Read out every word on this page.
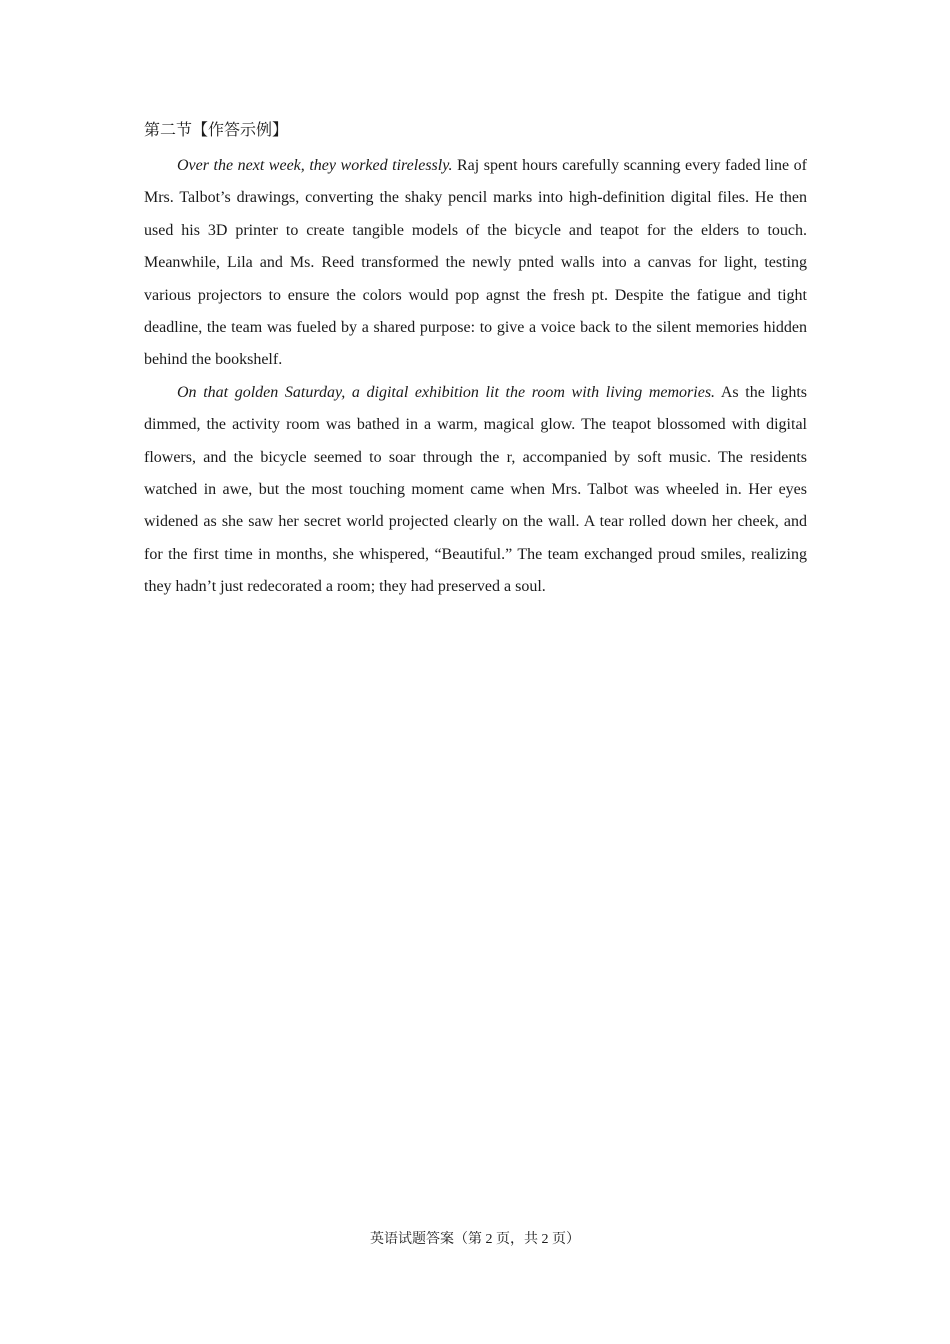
第二节【作答示例】

Over the next week, they worked tirelessly. Raj spent hours carefully scanning every faded line of Mrs. Talbot’s drawings, converting the shaky pencil marks into high-definition digital files. He then used his 3D printer to create tangible models of the bicycle and teapot for the elders to touch. Meanwhile, Lila and Ms. Reed transformed the newly pnted walls into a canvas for light, testing various projectors to ensure the colors would pop agnst the fresh pt. Despite the fatigue and tight deadline, the team was fueled by a shared purpose: to give a voice back to the silent memories hidden behind the bookshelf.

On that golden Saturday, a digital exhibition lit the room with living memories. As the lights dimmed, the activity room was bathed in a warm, magical glow. The teapot blossomed with digital flowers, and the bicycle seemed to soar through the r, accompanied by soft music. The residents watched in awe, but the most touching moment came when Mrs. Talbot was wheeled in. Her eyes widened as she saw her secret world projected clearly on the wall. A tear rolled down her cheek, and for the first time in months, she whispered, “Beautiful.” The team exchanged proud smiles, realizing they hadn’t just redecorated a room; they had preserved a soul.

英语试题答案（第 2 页，共 2 页）
